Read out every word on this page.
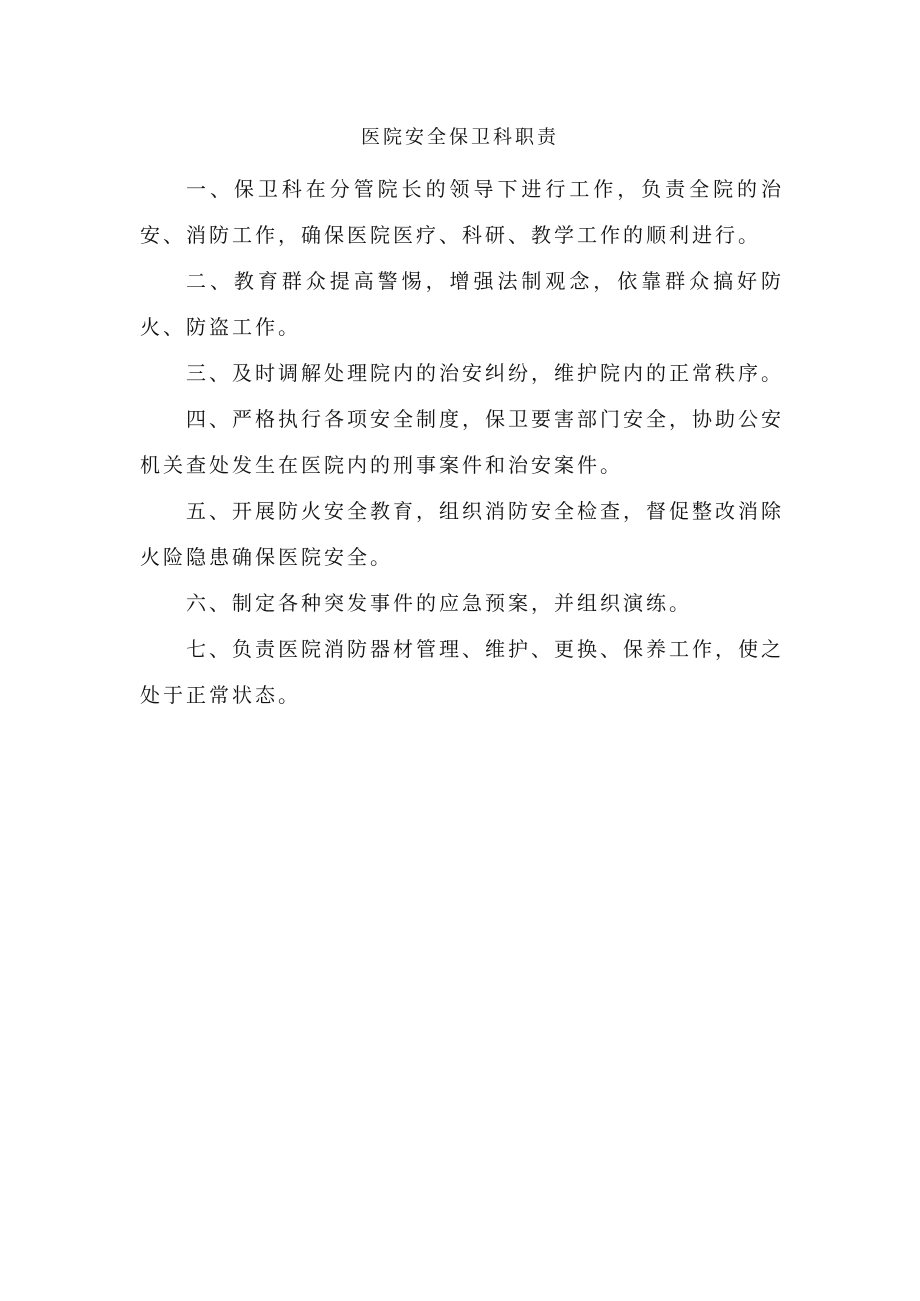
医院安全保卫科职责

一、保卫科在分管院长的领导下进行工作，负责全院的治安、消防工作，确保医院医疗、科研、教学工作的顺利进行。

二、教育群众提高警惕，增强法制观念，依靠群众搞好防火、防盗工作。

三、及时调解处理院内的治安纠纷，维护院内的正常秩序。

四、严格执行各项安全制度，保卫要害部门安全，协助公安机关查处发生在医院内的刑事案件和治安案件。

五、开展防火安全教育，组织消防安全检查，督促整改消除火险隐患确保医院安全。

六、制定各种突发事件的应急预案，并组织演练。

七、负责医院消防器材管理、维护、更换、保养工作，使之处于正常状态。
